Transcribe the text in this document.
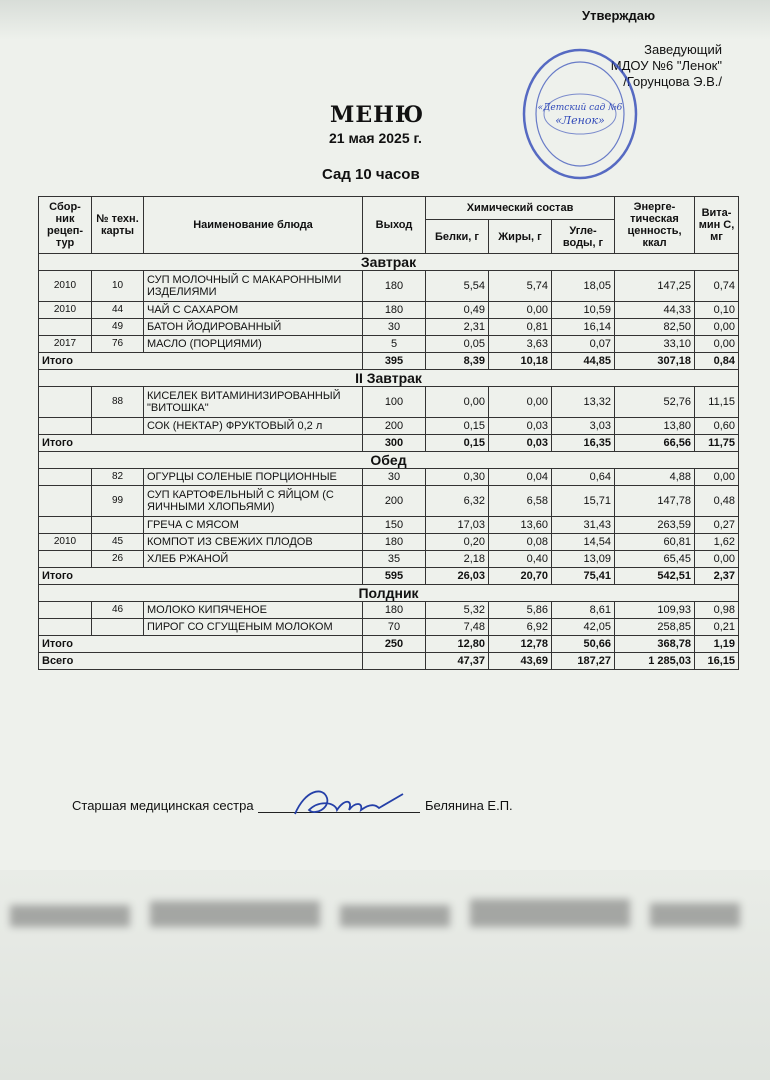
Утверждаю
Заведующий
МДОУ №6 "Ленок"
/Горунцова Э.В./
«Детский сад №6
«Ленок»
МЕНЮ
21 мая 2025 г.
Сад 10 часов
Сбор-ник рецеп-тур	№ техн. карты	Наименование блюда	Выход	Химический состав			Энерге-тическая ценность, ккал	Вита-мин С, мг
				Белки, г	Жиры, г	Угле-воды, г		
Завтрак								
2010	10	СУП МОЛОЧНЫЙ С МАКАРОННЫМИ ИЗДЕЛИЯМИ	180	5,54	5,74	18,05	147,25	0,74
2010	44	ЧАЙ С САХАРОМ	180	0,49	0,00	10,59	44,33	0,10
	49	БАТОН ЙОДИРОВАННЫЙ	30	2,31	0,81	16,14	82,50	0,00
2017	76	МАСЛО (ПОРЦИЯМИ)	5	0,05	3,63	0,07	33,10	0,00
Итого			395	8,39	10,18	44,85	307,18	0,84
II Завтрак								
	88	КИСЕЛЕК ВИТАМИНИЗИРОВАННЫЙ "ВИТОШКА"	100	0,00	0,00	13,32	52,76	11,15
		СОК (НЕКТАР) ФРУКТОВЫЙ 0,2 л	200	0,15	0,03	3,03	13,80	0,60
Итого			300	0,15	0,03	16,35	66,56	11,75
Обед								
	82	ОГУРЦЫ СОЛЕНЫЕ ПОРЦИОННЫЕ	30	0,30	0,04	0,64	4,88	0,00
	99	СУП КАРТОФЕЛЬНЫЙ С ЯЙЦОМ (С ЯИЧНЫМИ ХЛОПЬЯМИ)	200	6,32	6,58	15,71	147,78	0,48
		ГРЕЧА С МЯСОМ	150	17,03	13,60	31,43	263,59	0,27
2010	45	КОМПОТ ИЗ СВЕЖИХ ПЛОДОВ	180	0,20	0,08	14,54	60,81	1,62
	26	ХЛЕБ РЖАНОЙ	35	2,18	0,40	13,09	65,45	0,00
Итого			595	26,03	20,70	75,41	542,51	2,37
Полдник								
	46	МОЛОКО КИПЯЧЕНОЕ	180	5,32	5,86	8,61	109,93	0,98
		ПИРОГ СО СГУЩЕНЫМ МОЛОКОМ	70	7,48	6,92	42,05	258,85	0,21
Итого			250	12,80	12,78	50,66	368,78	1,19
Всего				47,37	43,69	187,27	1 285,03	16,15
Старшая медицинская сестра	Белянина Е.П.
